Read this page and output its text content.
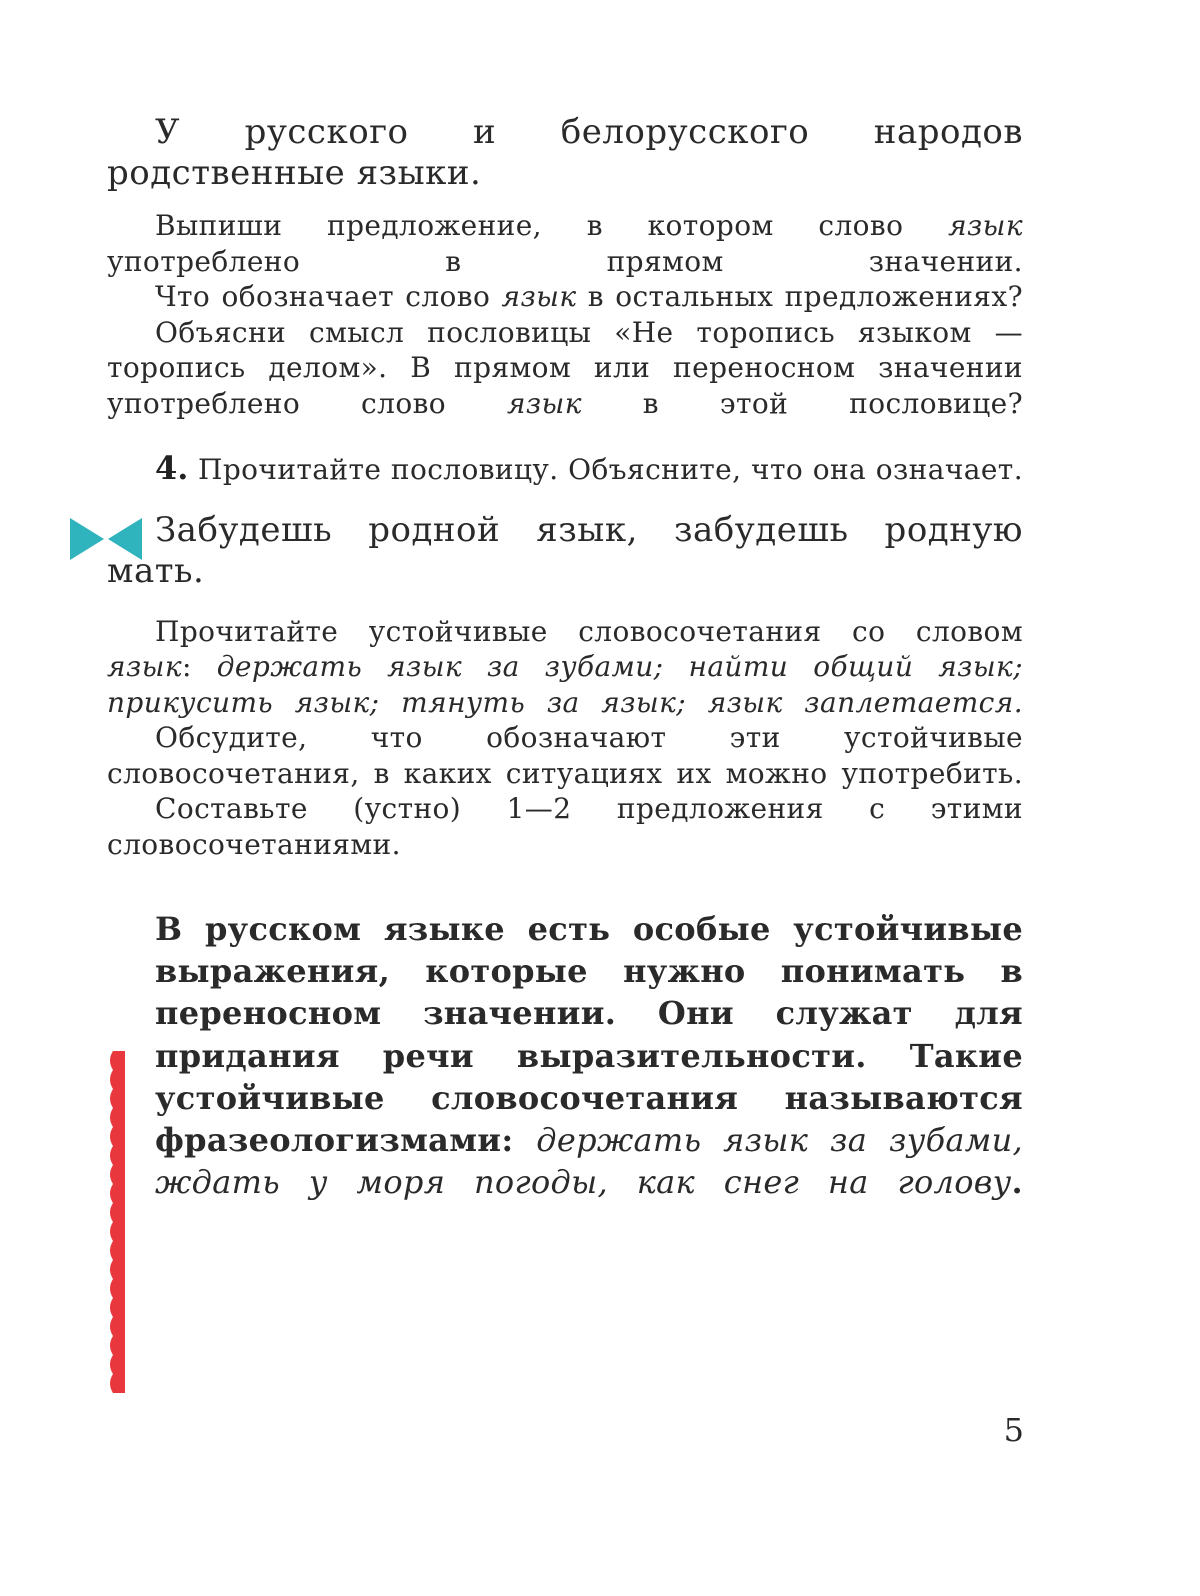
У русского и белорусского народов родственные языки.

Выпиши предложение, в котором слово язык употреблено в прямом значении.

Что обозначает слово язык в остальных предложениях?

Объясни смысл пословицы «Не торопись языком — торопись делом». В прямом или переносном значении употреблено слово язык в этой пословице?

4. Прочитайте пословицу. Объясните, что она означает.

Забудешь родной язык, забудешь родную мать.

Прочитайте устойчивые словосочетания со словом язык: держать язык за зубами; найти общий язык; прикусить язык; тянуть за язык; язык заплетается.

Обсудите, что обозначают эти устойчивые словосочетания, в каких ситуациях их можно употребить.

Составьте (устно) 1—2 предложения с этими словосочетаниями.

В русском языке есть особые устойчивые выражения, которые нужно понимать в переносном значении. Они служат для придания речи выразительности. Такие устойчивые словосочетания называются фразеологизмами: держать язык за зубами, ждать у моря погоды, как снег на голову.

5
